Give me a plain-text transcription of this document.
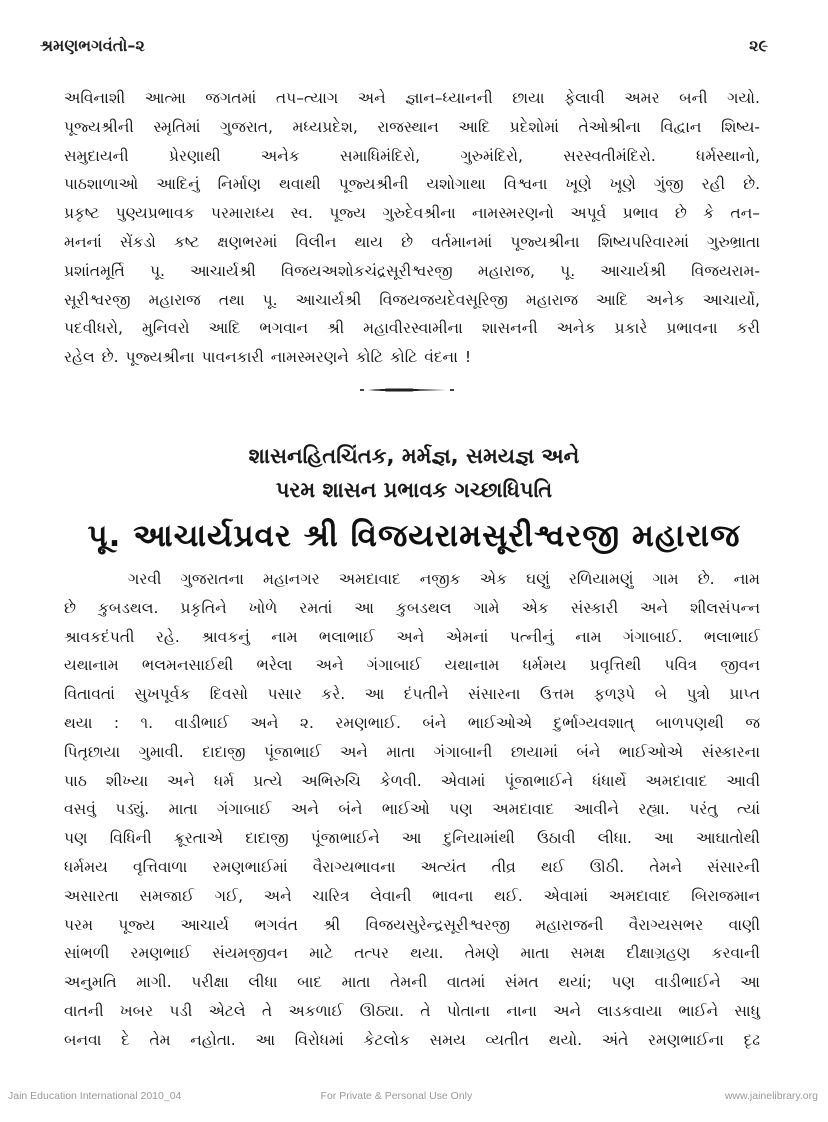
શ્રમણભગવંતો–૨	૨૯
અવિનાશી આત્મા જગતમાં તપ–ત્યાગ અને જ્ઞાન–ધ્યાનની છાયા ફેલાવી અમર બની ગયો.
પૂજ્યશ્રીની સ્મૃતિમાં ગુજરાત, મધ્યપ્રદેશ, રાજસ્થાન આદિ પ્રદેશોમાં તેઓશ્રીના વિદ્વાન શિષ્ય-
સમુદાયની પ્રેરણાથી અનેક સમાધિમંદિરો, ગુરુમંદિરો, સરસ્વતીમંદિરો. ધર્મસ્થાનો,
પાઠશાળાઓ આદિનું નિર્માણ થવાથી પૂજ્યશ્રીની યશોગાથા વિશ્વના ખૂણે ખૂણે ગુંજી રહી છે.
પ્રકૃષ્ટ પુણ્યપ્રભાવક પરમારાધ્ય સ્વ. પૂજ્ય ગુરુદેવશ્રીના નામસ્મરણનો અપૂર્વ પ્રભાવ છે કે તન–
મનનાં સેંકડો કષ્ટ ક્ષણભરમાં વિલીન થાય છે વર્તમાનમાં પૂજ્યશ્રીના શિષ્યપરિવારમાં ગુરુભ્રાતા
પ્રશાંતમૂર્તિ પૂ. આચાર્યશ્રી વિજયઅશોકચંદ્રસૂરીશ્વરજી મહારાજ, પૂ. આચાર્યશ્રી વિજયરામ-
સૂરીશ્વરજી મહારાજ તથા પૂ. આચાર્યશ્રી વિજયજયદેવસૂરિજી મહારાજ આદિ અનેક આચાર્યો,
પદવીધરો, મુનિવરો આદિ ભગવાન શ્રી મહાવીરસ્વામીના શાસનની અનેક પ્રકારે પ્રભાવના કરી
રહેલ છે. પૂજ્યશ્રીના પાવનકારી નામસ્મરણને કોટિ કોટિ વંદના !
શાસનહિતચિંતક, મર્મજ્ઞ, સમયજ્ઞ અને
પરમ શાસન પ્રભાવક ગચ્છાધિપતિ
પૂ. આચાર્યપ્રવર શ્રી વિજયરામસૂરીશ્વરજી મહારાજ
ગરવી ગુજરાતના મહાનગર અમદાવાદ નજીક એક ઘણું રળિયામણું ગામ છે. નામ
છે કુબડથલ. પ્રકૃતિને ખોળે રમતાં આ કુબડથલ ગામે એક સંસ્કારી અને શીલસંપન્ન
શ્રાવકદંપતી રહે. શ્રાવકનું નામ ભલાભાઈ અને એમનાં પત્નીનું નામ ગંગાબાઈ. ભલાભાઈ
યથાનામ ભલમનસાઈથી ભરેલા અને ગંગાબાઈ યથાનામ ધર્મમય પ્રવૃત્તિથી પવિત્ર જીવન
વિતાવતાં સુખપૂર્વક દિવસો પસાર કરે. આ દંપતીને સંસારના ઉત્તમ ફળરૂપે બે પુત્રો પ્રાપ્ત
થયા : ૧. વાડીભાઈ અને ૨. રમણભાઈ. બંને ભાઈઓએ દુર્ભાગ્યવશાત્ બાળપણથી જ
પિતૃછાયા ગુમાવી. દાદાજી પૂંજાભાઈ અને માતા ગંગાબાની છાયામાં બંને ભાઈઓએ સંસ્કારના
પાઠ શીખ્યા અને ધર્મ પ્રત્યે અભિરુચિ કેળવી. એવામાં પૂંજાભાઈને ધંધાર્થે અમદાવાદ આવી
વસવું પડ્યું. માતા ગંગાબાઈ અને બંને ભાઈઓ પણ અમદાવાદ આવીને રહ્યા. પરંતુ ત્યાં
પણ વિધિની ક્રૂરતાએ દાદાજી પૂંજાભાઈને આ દુનિયામાંથી ઉઠાવી લીધા. આ આઘાતોથી
ધર્મમય વૃત્તિવાળા રમણભાઈમાં વૈરાગ્યભાવના અત્યંત તીવ્ર થઈ ઊઠી. તેમને સંસારની
અસારતા સમજાઈ ગઈ, અને ચારિત્ર લેવાની ભાવના થઈ. એવામાં અમદાવાદ બિરાજમાન
પરમ પૂજ્ય આચાર્ય ભગવંત શ્રી વિજયસુરેન્દ્રસૂરીશ્વરજી મહારાજની વૈરાગ્યસભર વાણી
સાંભળી રમણભાઈ સંયમજીવન માટે તત્પર થયા. તેમણે માતા સમક્ષ દીક્ષાગ્રહણ કરવાની
અનુમતિ માગી. પરીક્ષા લીધા બાદ માતા તેમની વાતમાં સંમત થયાં; પણ વાડીભાઈને આ
વાતની ખબર પડી એટલે તે અકળાઈ ઊઠ્યા. તે પોતાના નાના અને લાડકવાયા ભાઈને સાધુ
બનવા દે તેમ નહોતા. આ વિરોધમાં કેટલોક સમય વ્યતીત થયો. અંતે રમણભાઈના દૃઢ
Jain Education International 2010_04	For Private & Personal Use Only	www.jainelibrary.org
